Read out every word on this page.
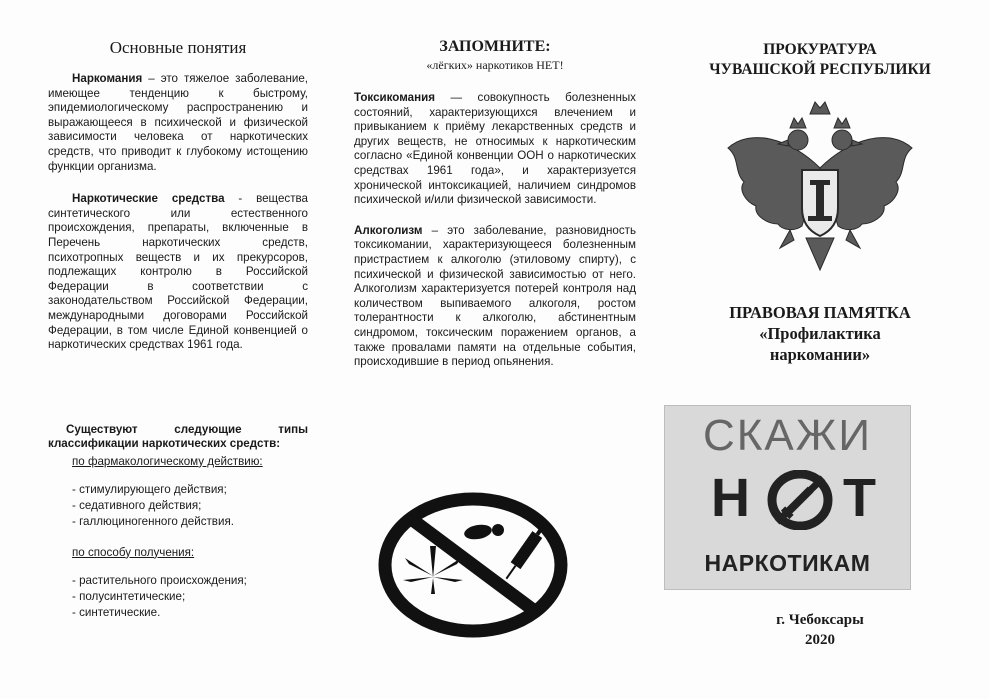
Основные понятия

Наркомания – это тяжелое заболевание, имеющее тенденцию к быстрому, эпидемиологическому распространению и выражающееся в психической и физической зависимости человека от наркотических средств, что приводит к глубокому истощению функции организма.

Наркотические средства - вещества синтетического или естественного происхождения, препараты, включенные в Перечень наркотических средств, психотропных веществ и их прекурсоров, подлежащих контролю в Российской Федерации в соответствии с законодательством Российской Федерации, международными договорами Российской Федерации, в том числе Единой конвенцией о наркотических средствах 1961 года.

Существуют следующие типы классификации наркотических средств:

по фармакологическому действию:
- стимулирующего действия;
- седативного действия;
- галлюциногенного действия.
по способу получения:
- растительного происхождения;
- полусинтетические;
- синтетические.
ЗАПОМНИТЕ:
«лёгких» наркотиков НЕТ!

Токсикомания — совокупность болезненных состояний, характеризующихся влечением и привыканием к приёму лекарственных средств и других веществ, не относимых к наркотическим согласно «Единой конвенции ООН о наркотических средствах 1961 года», и характеризуется хронической интоксикацией, наличием синдромов психической и/или физической зависимости.

Алкоголизм – это заболевание, разновидность токсикомании, характеризующееся болезненным пристрастием к алкоголю (этиловому спирту), с психической и физической зависимостью от него. Алкоголизм характеризуется потерей контроля над количеством выпиваемого алкоголя, ростом толерантности к алкоголю, абстинентным синдромом, токсическим поражением органов, а также провалами памяти на отдельные события, происходившие в период опьянения.

ПРОКУРАТУРА
ЧУВАШСКОЙ РЕСПУБЛИКИ
ПРАВОВАЯ ПАМЯТКА
«Профилактика
наркомании»
СКАЖИ
Н Т
НАРКОТИКАМ
г. Чебоксары
2020
